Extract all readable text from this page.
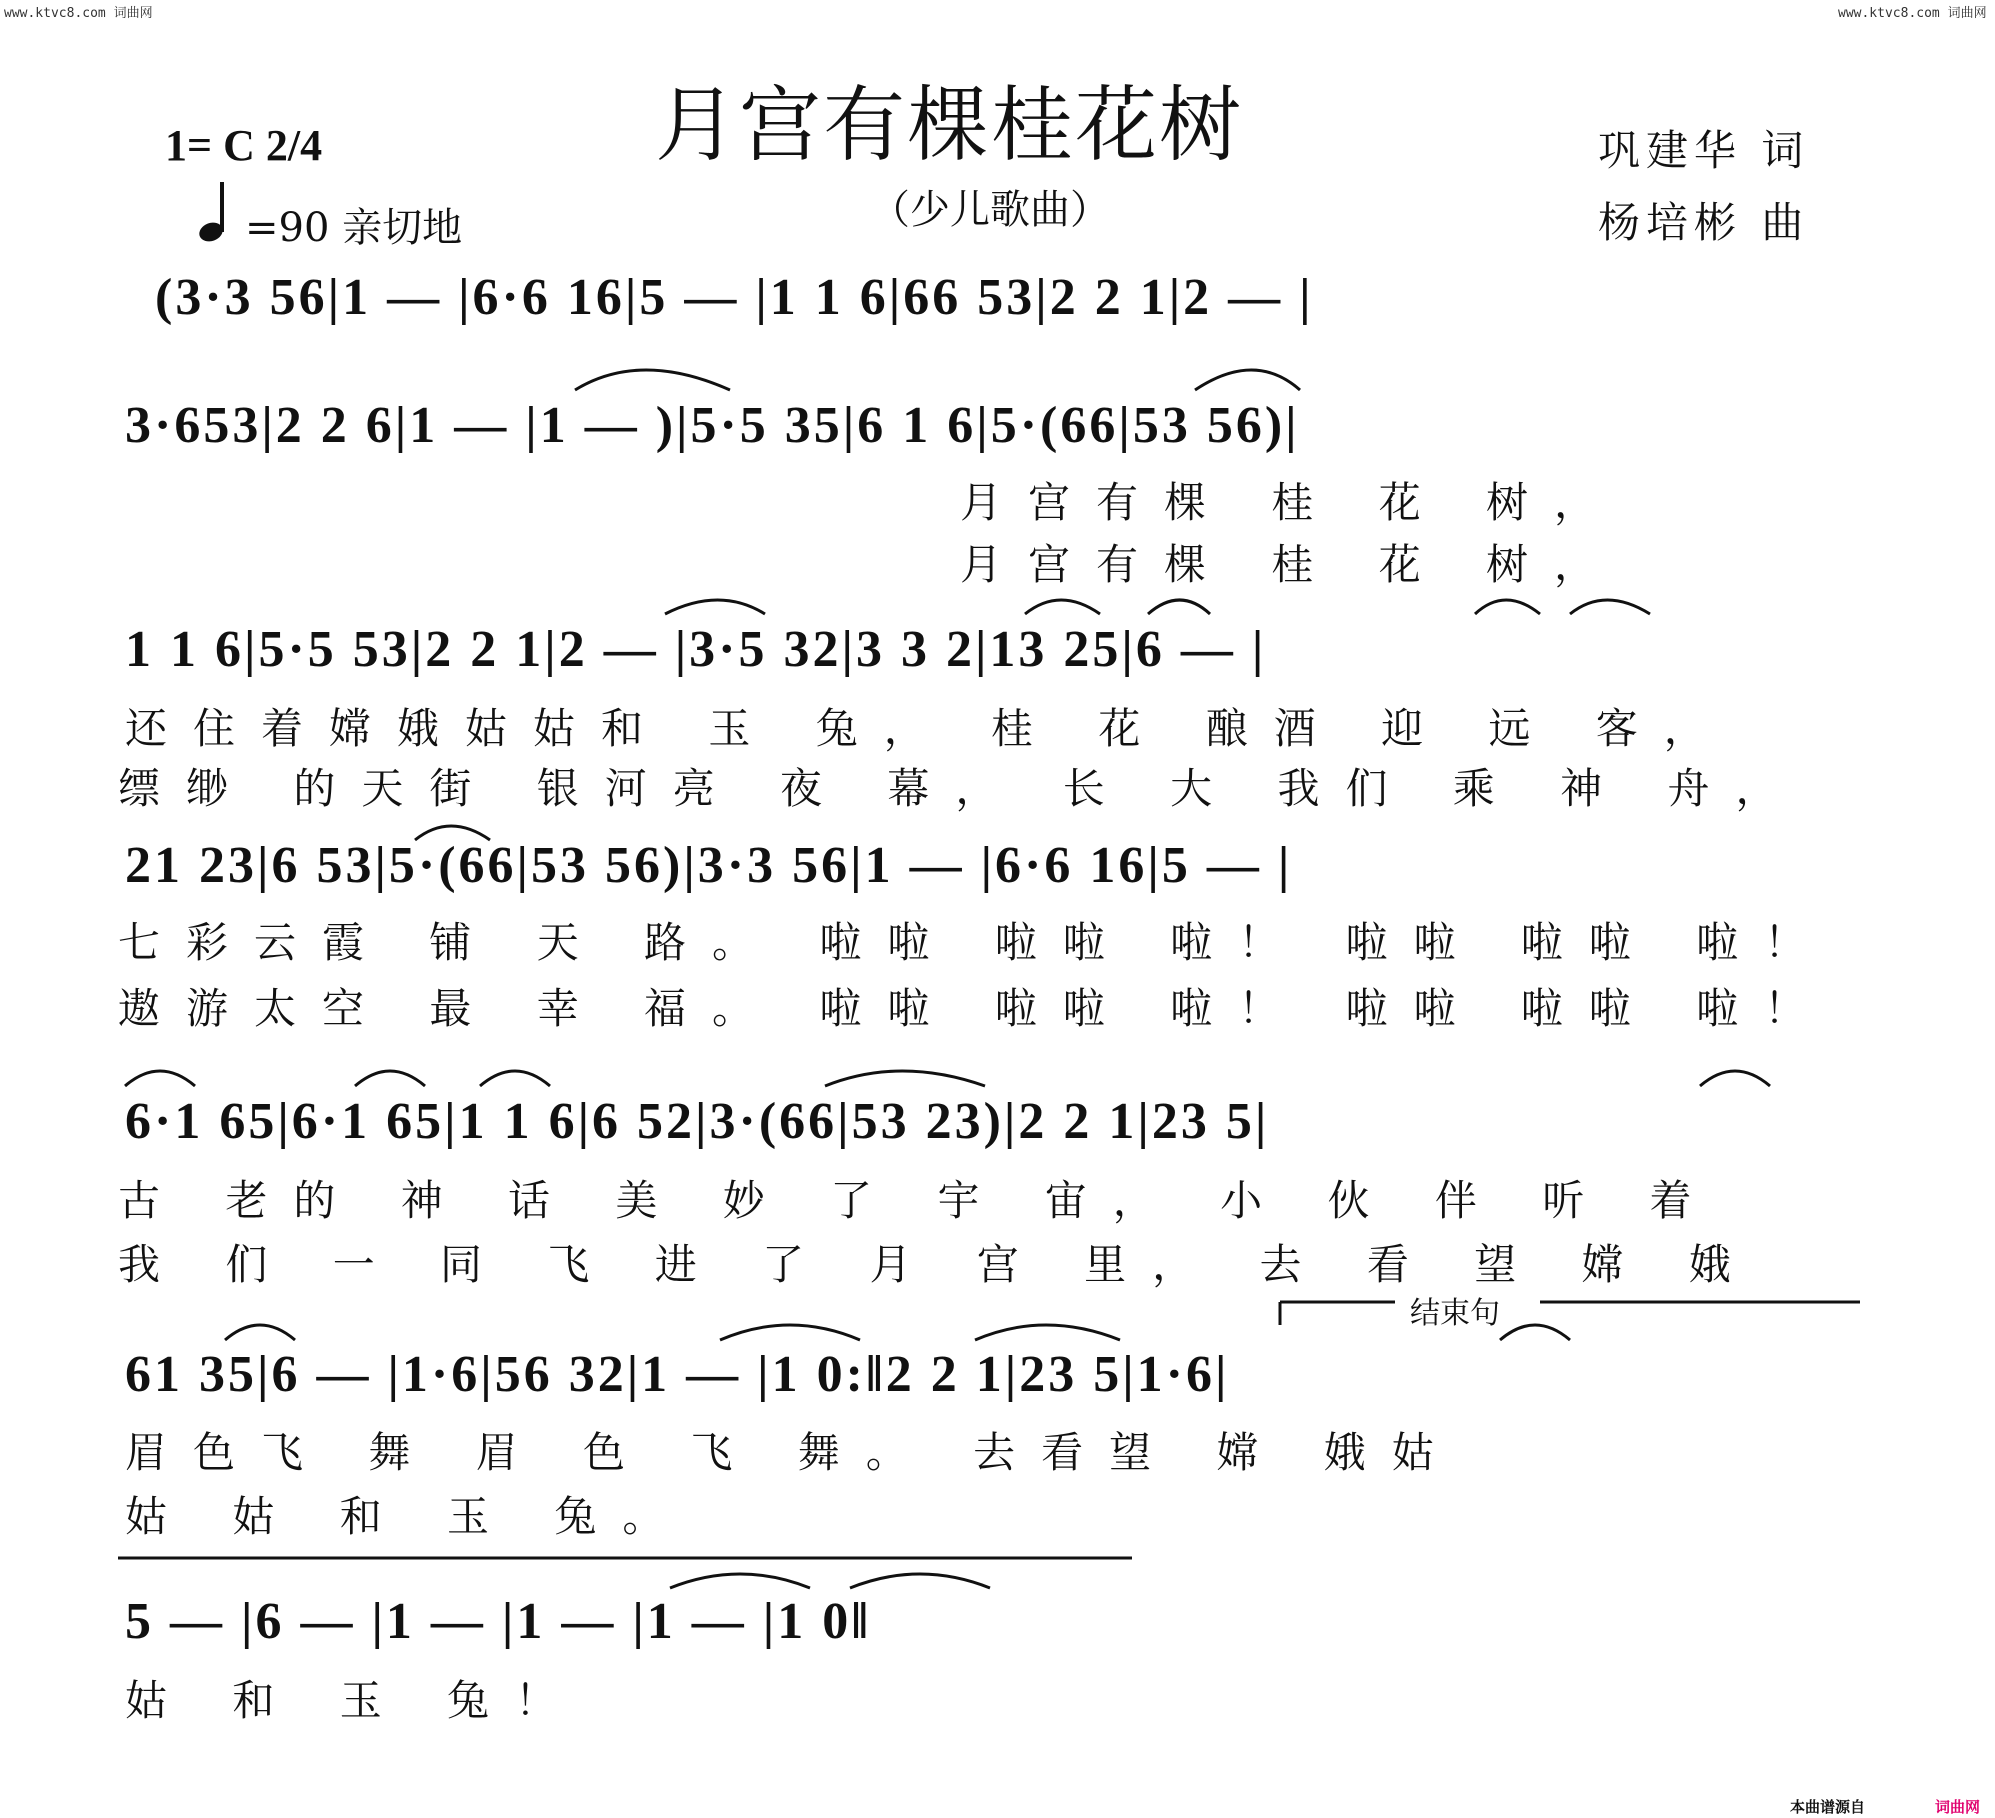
www.ktvc8.com 词曲网	www.ktvc8.com 词曲网
月宫有棵桂花树
（少儿歌曲）
1= C 2/4
=90 亲切地
巩建华 词
杨培彬 曲
(3·3 56|1 — |6·6 16|5 — |1 1 6|66 53|2 2 1|2 — |
3·653|2 2 6|1 — |1 — )|5·5 35|6 1 6|5·(66|53 56)|
月宫有棵 桂 花 树，
月宫有棵 桂 花 树，
1 1 6|5·5 53|2 2 1|2 — |3·5 32|3 3 2|13 25|6 — |
还住着嫦娥姑姑和 玉 兔， 桂 花 酿酒 迎 远 客，
缥缈 的天街 银河亮 夜 幕， 长 大 我们 乘 神 舟，
21 23|6 53|5·(66|53 56)|3·3 56|1 — |6·6 16|5 — |
七彩云霞 铺 天 路。 啦啦 啦啦 啦！ 啦啦 啦啦 啦！
遨游太空 最 幸 福。 啦啦 啦啦 啦！ 啦啦 啦啦 啦！
6·1 65|6·1 65|1 1 6|6 52|3·(66|53 23)|2 2 1|23 5|
古 老的 神 话 美 妙 了 宇 宙， 小 伙 伴 听 着
我 们 一 同 飞 进 了 月 宫 里， 去 看 望 嫦 娥
结束句
61 35|6 — |1·6|56 32|1 — |1 0:‖2 2 1|23 5|1·6|
眉色飞 舞 眉 色 飞 舞。 去看望 嫦 娥姑
姑 姑 和 玉 兔。
5 — |6 — |1 — |1 — |1 — |1 0‖
姑 和 玉 兔！
本曲谱源自	词曲网
